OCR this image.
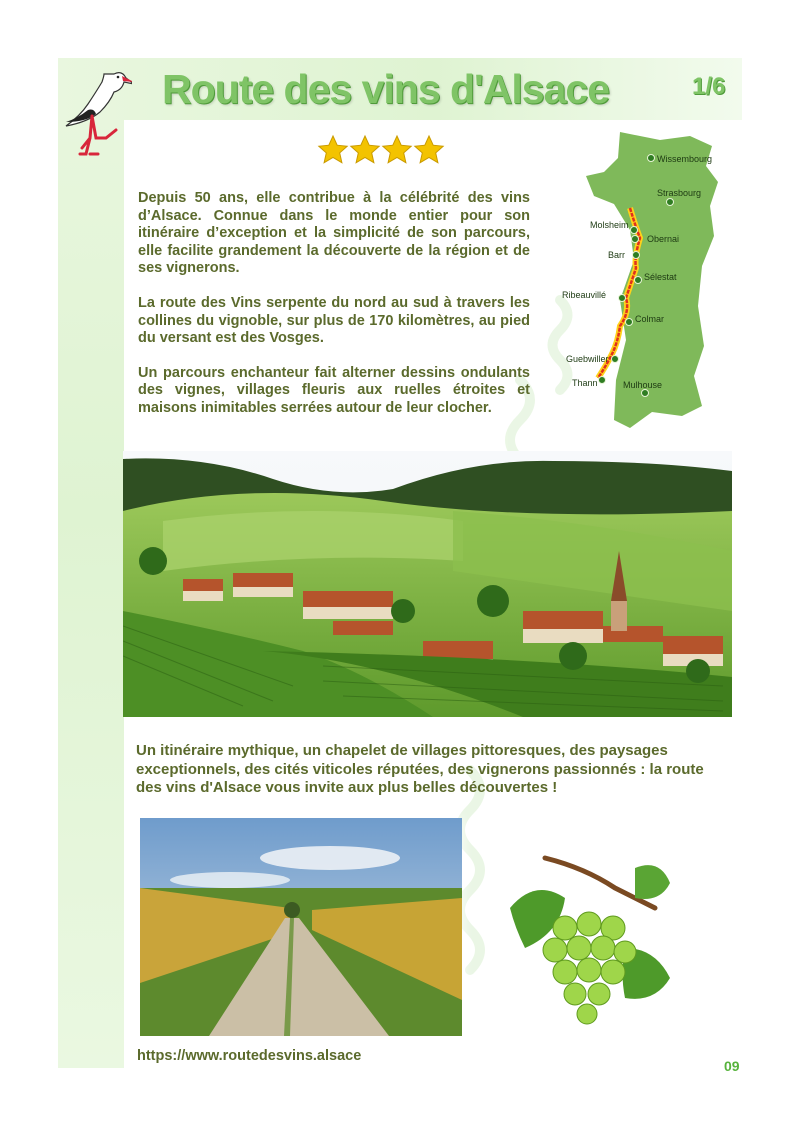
Route des vins d'Alsace	1/6

Depuis 50 ans, elle contribue à la célébrité des vins d’Alsace. Connue dans le monde entier pour son itinéraire d’exception et la simplicité de son parcours, elle facilite grandement la découverte de la région et de ses vignerons.

La route des Vins serpente du nord au sud à travers les collines du vignoble, sur plus de 170 kilomètres, au pied du versant est des Vosges.

Un parcours enchanteur fait alterner dessins ondulants des vignes, villages fleuris aux ruelles étroites et maisons inimitables serrées autour de leur clocher.

Wissembourg
Strasbourg
Molsheim
Obernai
Barr
Sélestat
Ribeauvillé
Colmar
Guebwiller
Thann	Mulhouse
Un itinéraire mythique, un chapelet de villages pittoresques, des paysages exceptionnels, des cités viticoles réputées, des vignerons passionnés : la route des vins d'Alsace vous invite aux plus belles découvertes !
https://www.routedesvins.alsace
09
